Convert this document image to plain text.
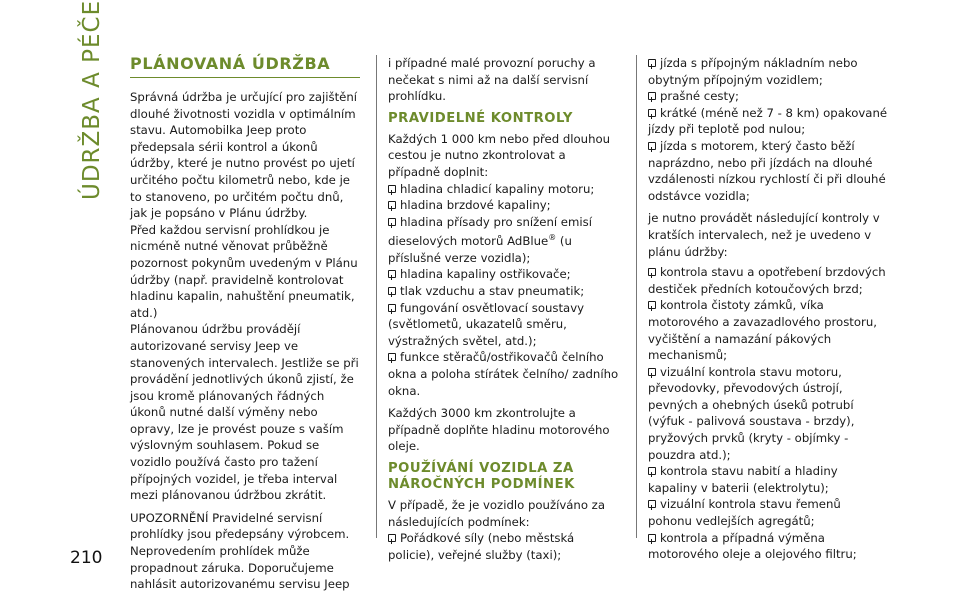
ÚDRŽBA A PÉČE
210
PLÁNOVANÁ ÚDRŽBA

Správná údržba je určující pro zajištění dlouhé životnosti vozidla v optimálním stavu. Automobilka Jeep proto předepsala sérii kontrol a úkonů údržby, které je nutno provést po ujetí určitého počtu kilometrů nebo, kde je to stanoveno, po určitém počtu dnů, jak je popsáno v Plánu údržby.

Před každou servisní prohlídkou je nicméně nutné věnovat průběžně pozornost pokynům uvedeným v Plánu údržby (např. pravidelně kontrolovat hladinu kapalin, nahuštění pneumatik, atd.)

Plánovanou údržbu provádějí autorizované servisy Jeep ve stanovených intervalech. Jestliže se při provádění jednotlivých úkonů zjistí, že jsou kromě plánovaných řádných úkonů nutné další výměny nebo opravy, lze je provést pouze s vaším výslovným souhlasem. Pokud se vozidlo používá často pro tažení přípojných vozidel, je třeba interval mezi plánovanou údržbou zkrátit.

UPOZORNĚNÍ Pravidelné servisní prohlídky jsou předepsány výrobcem. Neprovedením prohlídek může propadnout záruka. Doporučujeme nahlásit autorizovanému servisu Jeep

i případné malé provozní poruchy a nečekat s nimi až na další servisní prohlídku.

PRAVIDELNÉ KONTROLY

Každých 1 000 km nebo před dlouhou cestou je nutno zkontrolovat a případně doplnit:

hladina chladicí kapaliny motoru;

hladina brzdové kapaliny;

hladina přísady pro snížení emisí dieselových motorů AdBlue® (u příslušné verze vozidla);

hladina kapaliny ostřikovače;

tlak vzduchu a stav pneumatik;

fungování osvětlovací soustavy (světlometů, ukazatelů směru, výstražných světel, atd.);

funkce stěračů/ostřikovačů čelního okna a poloha stírátek čelního/ zadního okna.

Každých 3000 km zkontrolujte a případně doplňte hladinu motorového oleje.

POUŽÍVÁNÍ VOZIDLA ZA NÁROČNÝCH PODMÍNEK

V případě, že je vozidlo používáno za následujících podmínek:

Pořádkové síly (nebo městská policie), veřejné služby (taxi);

jízda s přípojným nákladním nebo obytným přípojným vozidlem;

prašné cesty;

krátké (méně než 7 - 8 km) opakované jízdy při teplotě pod nulou;

jízda s motorem, který často běží naprázdno, nebo při jízdách na dlouhé vzdálenosti nízkou rychlostí či při dlouhé odstávce vozidla;

je nutno provádět následující kontroly v kratších intervalech, než je uvedeno v plánu údržby:

kontrola stavu a opotřebení brzdových destiček předních kotoučových brzd;

kontrola čistoty zámků, víka motorového a zavazadlového prostoru, vyčištění a namazání pákových mechanismů;

vizuální kontrola stavu motoru, převodovky, převodových ústrojí, pevných a ohebných úseků potrubí (výfuk - palivová soustava - brzdy), pryžových prvků (kryty - objímky - pouzdra atd.);

kontrola stavu nabití a hladiny kapaliny v baterii (elektrolytu);

vizuální kontrola stavu řemenů pohonu vedlejších agregátů;

kontrola a případná výměna motorového oleje a olejového filtru;
